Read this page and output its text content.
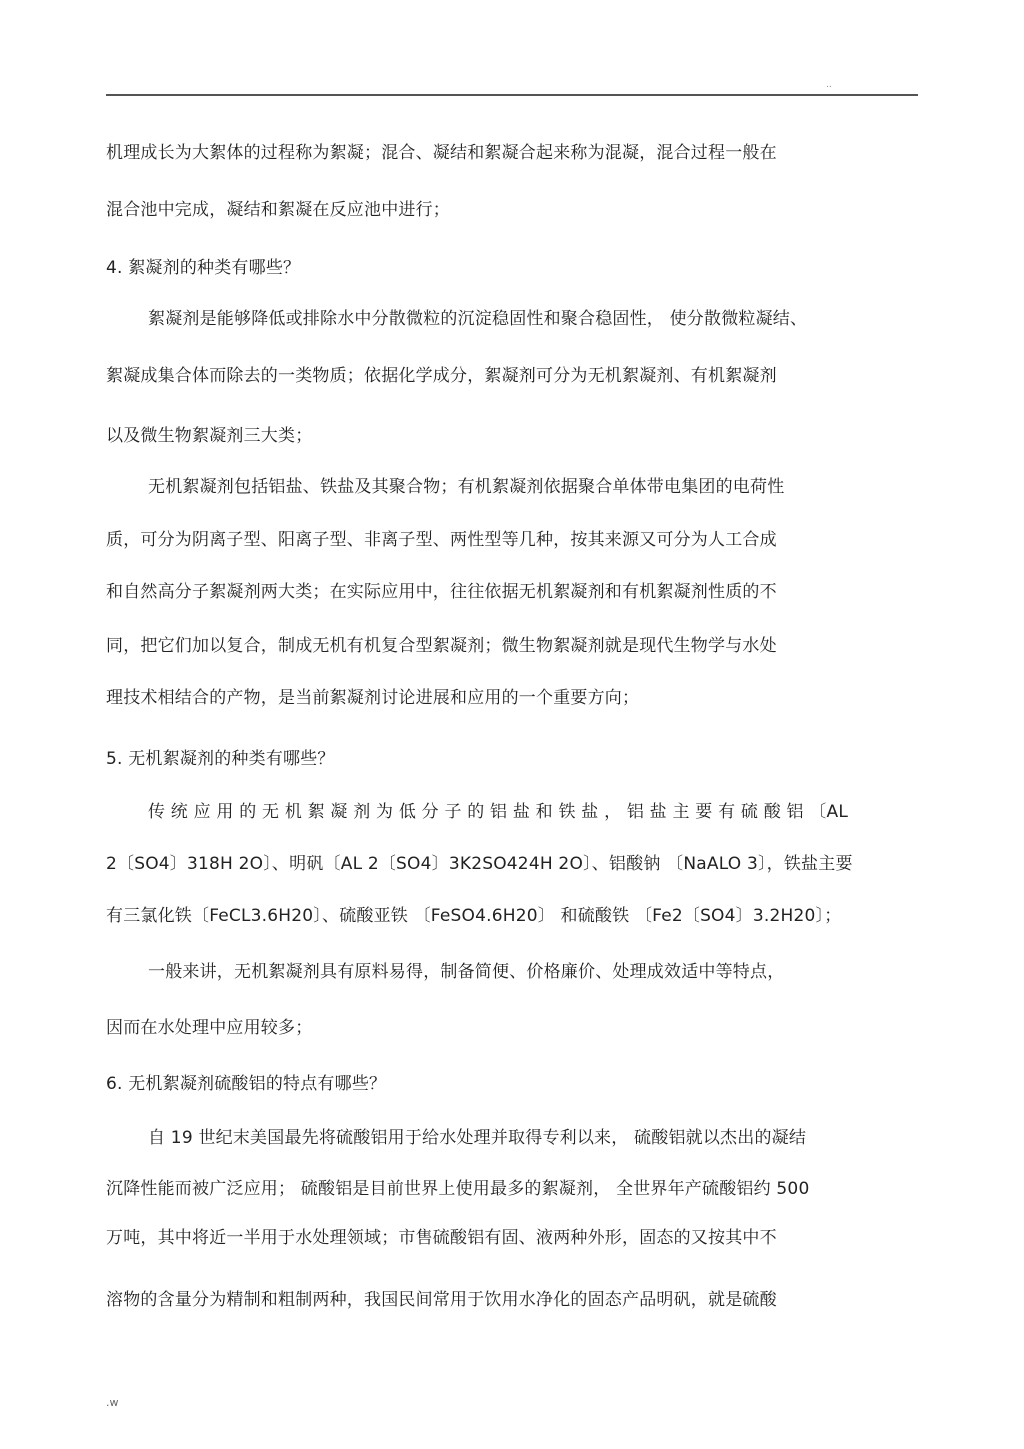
..
机理成长为大絮体的过程称为絮凝；混合、凝结和絮凝合起来称为混凝，混合过程一般在
混合池中完成，凝结和絮凝在反应池中进行；
4. 絮凝剂的种类有哪些？
絮凝剂是能够降低或排除水中分散微粒的沉淀稳固性和聚合稳固性， 使分散微粒凝结、
絮凝成集合体而除去的一类物质；依据化学成分，絮凝剂可分为无机絮凝剂、有机絮凝剂
以及微生物絮凝剂三大类；
无机絮凝剂包括铝盐、铁盐及其聚合物；有机絮凝剂依据聚合单体带电集团的电荷性
质，可分为阴离子型、阳离子型、非离子型、两性型等几种，按其来源又可分为人工合成
和自然高分子絮凝剂两大类；在实际应用中，往往依据无机絮凝剂和有机絮凝剂性质的不
同，把它们加以复合，制成无机有机复合型絮凝剂；微生物絮凝剂就是现代生物学与水处
理技术相结合的产物，是当前絮凝剂讨论进展和应用的一个重要方向；
5. 无机絮凝剂的种类有哪些？
传 统 应 用 的 无 机 絮 凝 剂 为 低 分 子 的 铝 盐 和 铁 盐 ， 铝 盐 主 要 有 硫 酸 铝 〔AL
2〔SO4〕318H 2O〕、明矾〔AL 2〔SO4〕3K2SO424H 2O〕、铝酸钠 〔NaALO 3〕，铁盐主要
有三氯化铁〔FeCL3.6H20〕、硫酸亚铁 〔FeSO4.6H20〕 和硫酸铁 〔Fe2〔SO4〕3.2H20〕；
一般来讲，无机絮凝剂具有原料易得，制备简便、价格廉价、处理成效适中等特点，
因而在水处理中应用较多；
6. 无机絮凝剂硫酸铝的特点有哪些？
自 19 世纪末美国最先将硫酸铝用于给水处理并取得专利以来， 硫酸铝就以杰出的凝结
沉降性能而被广泛应用； 硫酸铝是目前世界上使用最多的絮凝剂， 全世界年产硫酸铝约 500
万吨，其中将近一半用于水处理领域；市售硫酸铝有固、液两种外形，固态的又按其中不
溶物的含量分为精制和粗制两种，我国民间常用于饮用水净化的固态产品明矾，就是硫酸
.w
